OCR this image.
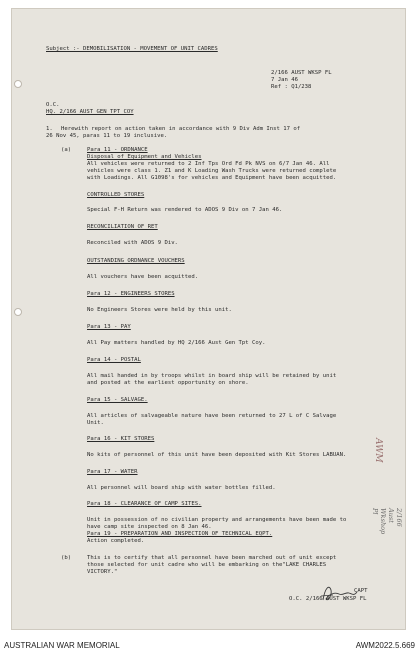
Subject :- DEMOBILISATION - MOVEMENT OF UNIT CADRES
2/166 AUST WKSP FL
7 Jan 46
Ref : Q1/238
O.C.
HQ. 2/166 AUST GEN TPT COY
1. Herewith report on action taken in accordance with 9 Div Adm Inst 17 of
26 Nov 45, paras 11 to 19 inclusive.
(a)	Para 11 - ORDNANCE
Disposal of Equipment and Vehicles
All vehicles were returned to 2 Inf Tps Ord Fd Pk NVS on 6/7 Jan 46. All
vehicles were class 1. Z1 and K Loading Wash Trucks were returned complete
with Loadings. All G1098's for vehicles and Equipment have been acquitted.
CONTROLLED STORES
Special F-H Return was rendered to ADOS 9 Div on 7 Jan 46.
RECONCILIATION OF RET
Reconciled with ADOS 9 Div.
OUTSTANDING ORDNANCE VOUCHERS
All vouchers have been acquitted.
Para 12 - ENGINEERS STORES
No Engineers Stores were held by this unit.
Para 13 - PAY
All Pay matters handled by HQ 2/166 Aust Gen Tpt Coy.
Para 14 - POSTAL
All mail handed in by troops whilst in board ship will be retained by unit
and posted at the earliest opportunity on shore.
Para 15 - SALVAGE.
All articles of salvageable nature have been returned to 27 L of C Salvage
Unit.
Para 16 - KIT STORES
No kits of personnel of this unit have been deposited with Kit Stores LABUAN.
Para 17 - WATER
All personnel will board ship with water bottles filled.
Para 18 - CLEARANCE OF CAMP SITES.
Unit in possession of no civilian property and arrangements have been made to
have camp site inspected on 8 Jan 46.
Para 19 - PREPARATION AND INSPECTION OF TECHNICAL EQPT.
Action completed.
(b)	This is to certify that all personnel have been marched out of unit except
those selected for unit cadre who will be embarking on the"LAKE CHARLES
VICTORY."
CAPT
O.C. 2/166 AUST WKSP FL
AWM
2/166 Aust Wkshop Pl
AUSTRALIAN WAR MEMORIAL	AWM2022.5.669
